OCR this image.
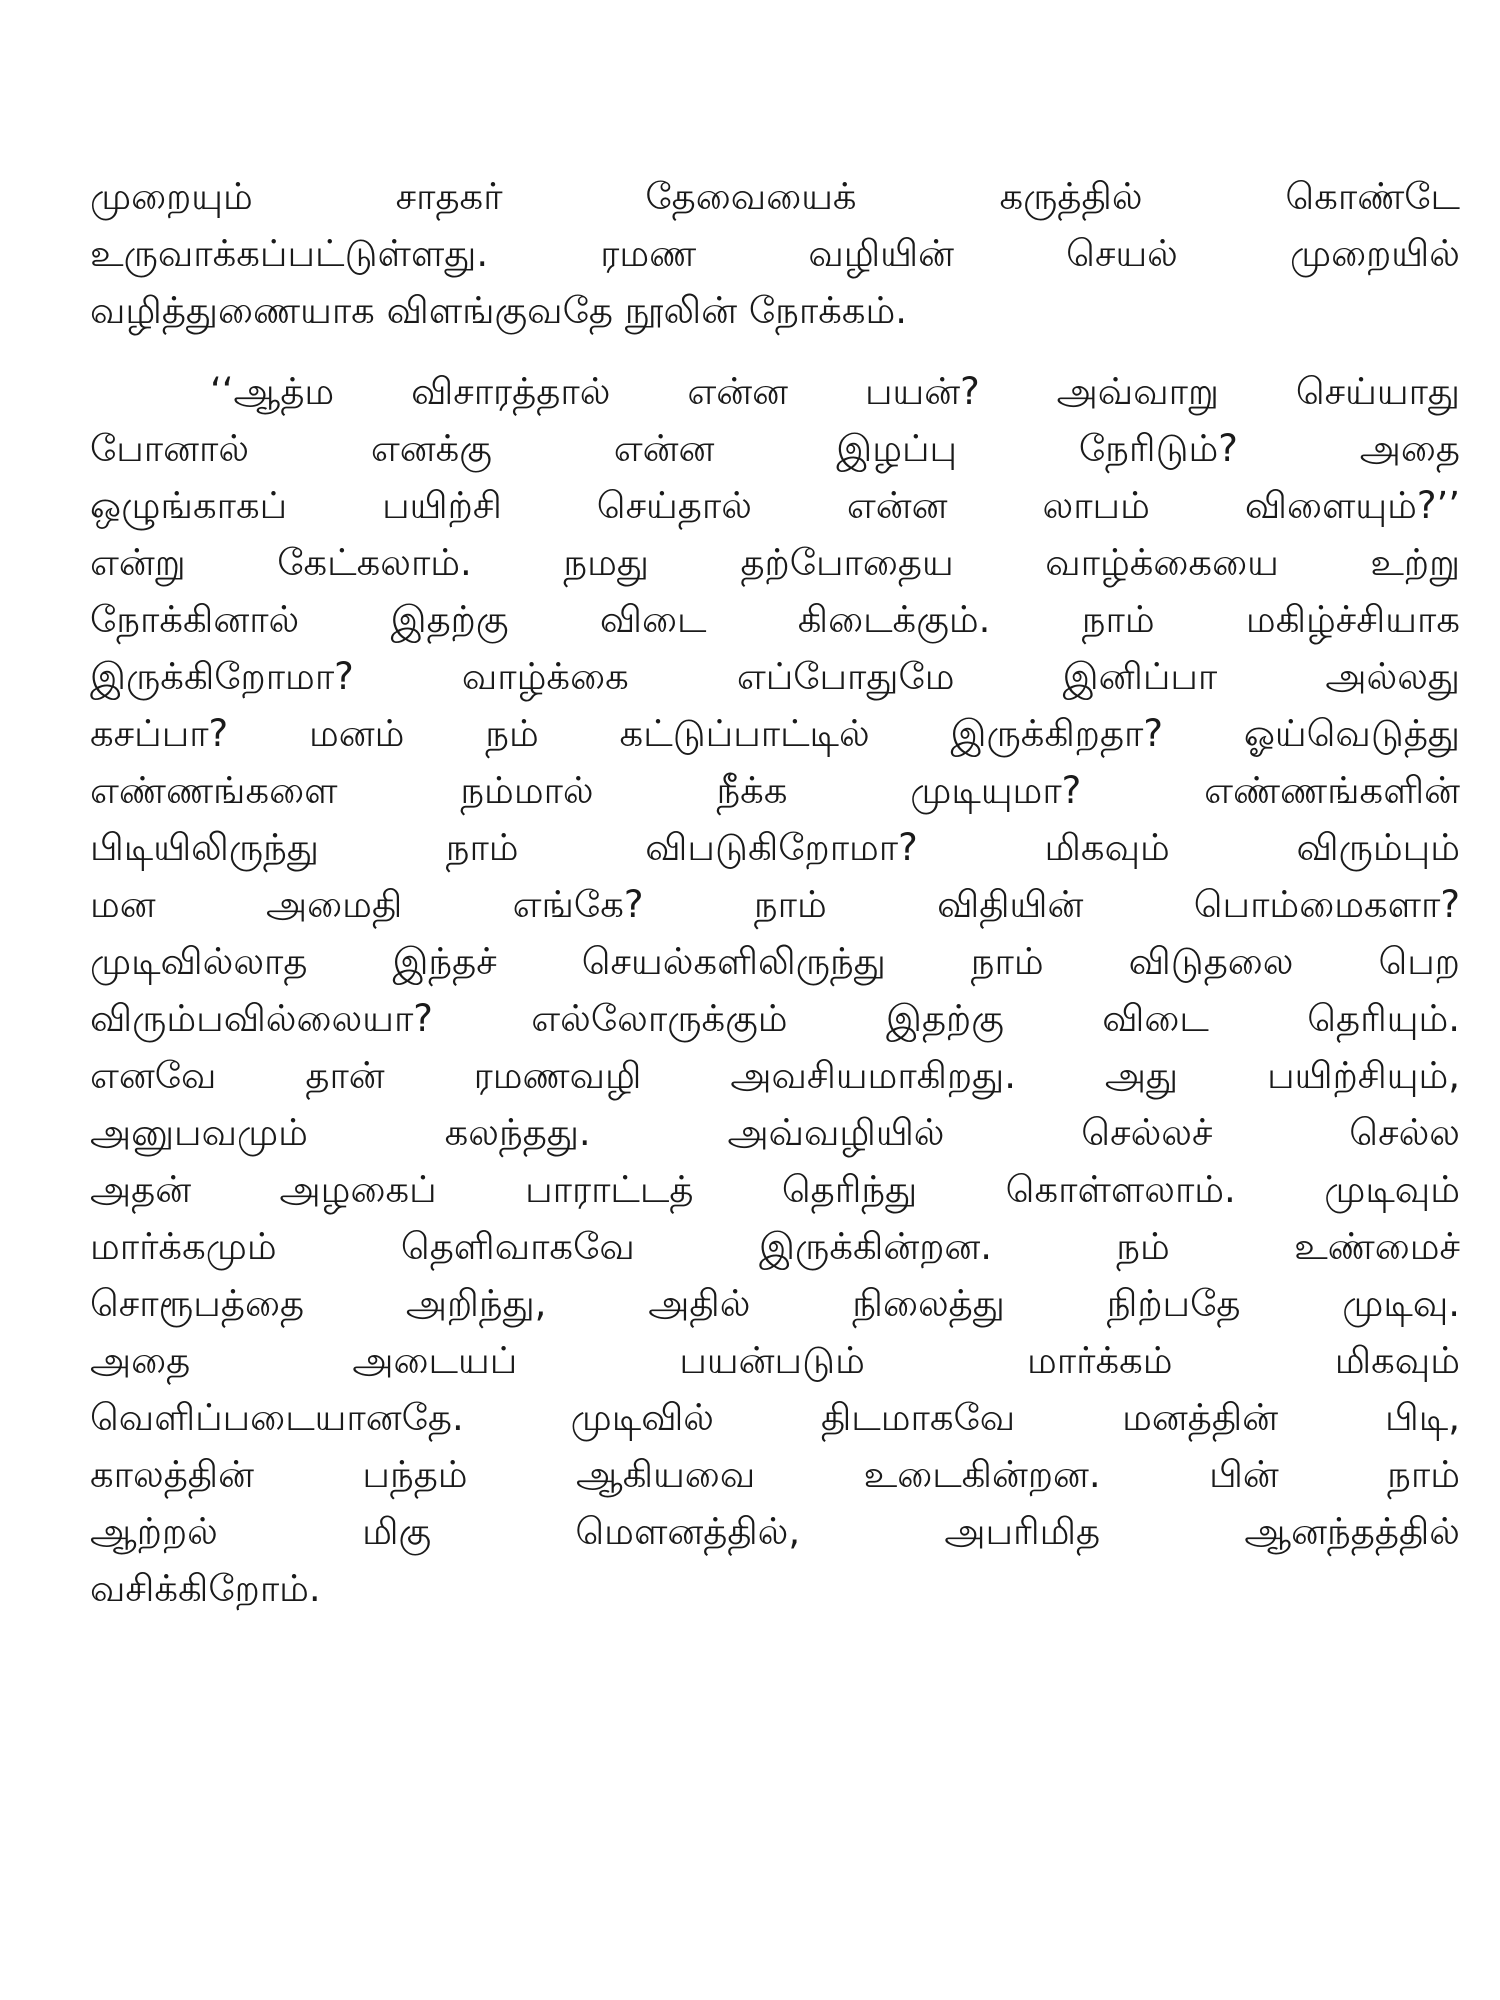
முறையும் சாதகர் தேவையைக் கருத்தில் கொண்டே
உருவாக்கப்பட்டுள்ளது. ரமண வழியின் செயல் முறையில்
வழித்துணையாக விளங்குவதே நூலின் நோக்கம்.
‘‘ஆத்ம விசாரத்தால் என்ன பயன்? அவ்வாறு செய்யாது
போனால் எனக்கு என்ன இழப்பு நேரிடும்? அதை
ஒழுங்காகப் பயிற்சி செய்தால் என்ன லாபம் விளையும்?’’
என்று கேட்கலாம். நமது தற்போதைய வாழ்க்கையை உற்று
நோக்கினால் இதற்கு விடை கிடைக்கும். நாம் மகிழ்ச்சியாக
இருக்கிறோமா? வாழ்க்கை எப்போதுமே இனிப்பா அல்லது
கசப்பா? மனம் நம் கட்டுப்பாட்டில் இருக்கிறதா? ஓய்வெடுத்து
எண்ணங்களை நம்மால் நீக்க முடியுமா? எண்ணங்களின்
பிடியிலிருந்து நாம் விபடுகிறோமா? மிகவும் விரும்பும்
மன அமைதி எங்கே? நாம் விதியின் பொம்மைகளா?
முடிவில்லாத இந்தச் செயல்களிலிருந்து நாம் விடுதலை பெற
விரும்பவில்லையா? எல்லோருக்கும் இதற்கு விடை தெரியும்.
எனவே தான் ரமணவழி அவசியமாகிறது. அது பயிற்சியும்,
அனுபவமும் கலந்தது. அவ்வழியில் செல்லச் செல்ல
அதன் அழகைப் பாராட்டத் தெரிந்து கொள்ளலாம். முடிவும்
மார்க்கமும் தெளிவாகவே இருக்கின்றன. நம் உண்மைச்
சொரூபத்தை அறிந்து, அதில் நிலைத்து நிற்பதே முடிவு.
அதை அடையப் பயன்படும் மார்க்கம் மிகவும்
வெளிப்படையானதே. முடிவில் திடமாகவே மனத்தின் பிடி,
காலத்தின் பந்தம் ஆகியவை உடைகின்றன. பின் நாம்
ஆற்றல் மிகு மௌனத்தில், அபரிமித ஆனந்தத்தில்
வசிக்கிறோம்.
